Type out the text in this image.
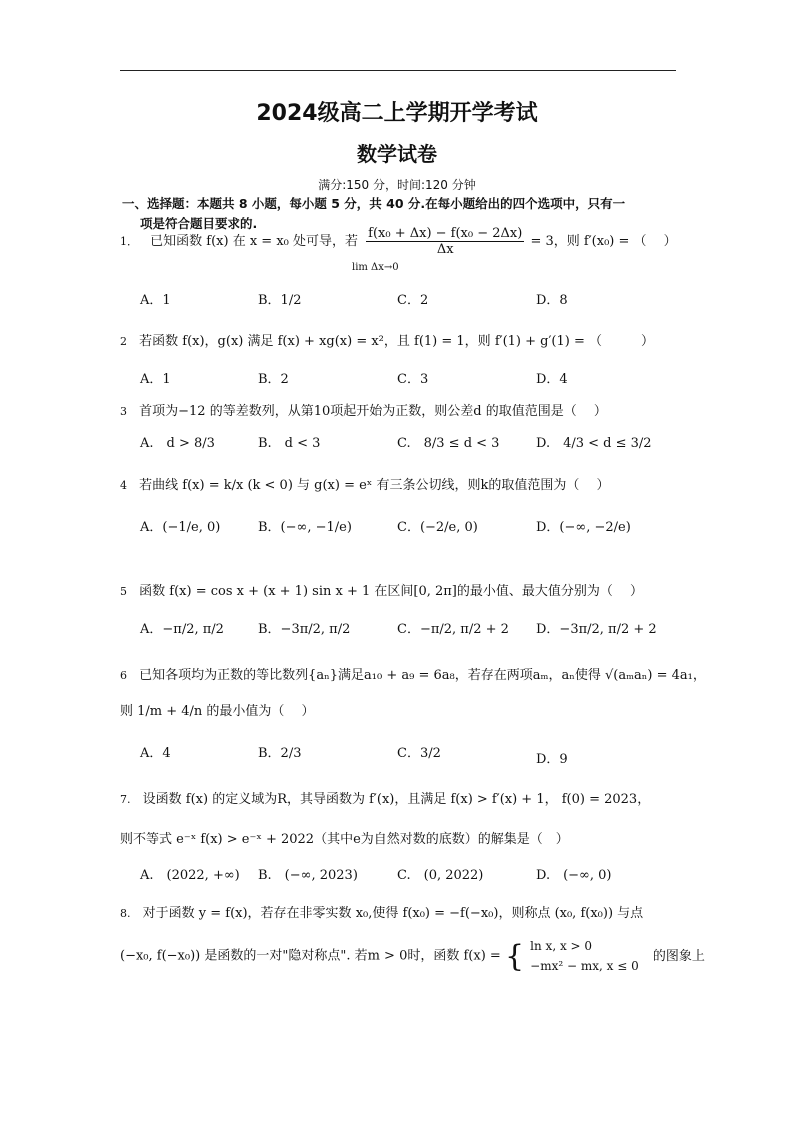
2024级高二上学期开学考试
数学试卷
满分:150 分，时间:120 分钟
一、选择题：本题共 8 小题，每小题 5 分，共 40 分.在每小题给出的四个选项中，只有一
项是符合题目要求的.
1． 已知函数 f(x) 在 x = x₀ 处可导，若 $\frac{\text{f(x₀ + Δx) − f(x₀ − 2Δx)}}{\Delta x} = 3$，则 f′(x₀) = （　 ）
lim Δx→0
A．1	B．1/2	C．2	D．8
2 若函数 f(x)，g(x) 满足 f(x) + xg(x) = x²，且 f(1) = 1，则 f′(1) + g′(1) = （　　　）
A．1	B．2	C．3	D．4
3 首项为−12 的等差数列，从第10项起开始为正数，则公差d 的取值范围是（　 ）
A.　d > 8/3	B.　d < 3	C.　8/3 ≤ d < 3	D.　4/3 < d ≤ 3/2
4 若曲线 f(x) = k/x (k < 0) 与 g(x) = eˣ 有三条公切线，则k的取值范围为（　 ）
A．(−1/e, 0)	B．(−∞, −1/e)	C．(−2/e, 0)	D．(−∞, −2/e)
5 函数 f(x) = cos x + (x + 1) sin x + 1 在区间[0, 2π]的最小值、最大值分别为（　 ）
A．−π/2, π/2	B．−3π/2, π/2	C．−π/2, π/2 + 2 D．−3π/2, π/2 + 2
6 已知各项均为正数的等比数列{aₙ}满足a₁₀ + a₉ = 6a₈，若存在两项aₘ，aₙ使得 √(aₘaₙ) = 4a₁，
则 1/m + 4/n 的最小值为（　 ）
A．4	B．2/3	C．3/2	D．9
7. 设函数 f(x) 的定义域为R，其导函数为 f′(x)，且满足 f(x) > f′(x) + 1， f(0) = 2023，
则不等式 e⁻ˣ f(x) > e⁻ˣ + 2022（其中e为自然对数的底数）的解集是（　）
A.　(2022, +∞) B.　(−∞, 2023)	C.　(0, 2022)	D.　(−∞, 0)
8. 对于函数 y = f(x)，若存在非零实数 x₀,使得 f(x₀) = −f(−x₀)，则称点 (x₀, f(x₀)) 与点
(−x₀, f(−x₀)) 是函数的一对"隐对称点". 若m > 0时，函数 f(x) = { ln x, x > 0
−mx² − mx, x ≤ 0
的图象上
